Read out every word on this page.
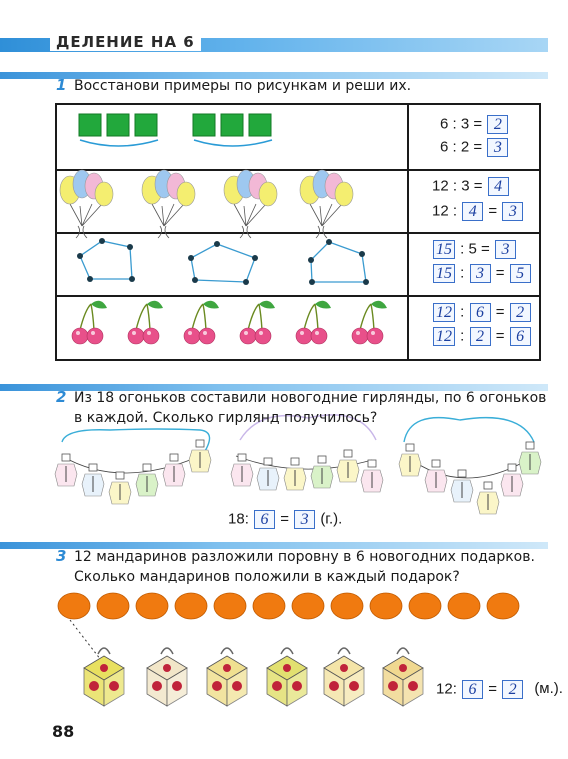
ДЕЛЕНИЕ НА 6
1 Восстанови примеры по рисункам и реши их.
6 : 3 = 2
6 : 2 = 3
12 : 3 = 4
12 : 4 = 3
15 : 5 = 3
15 : 3 = 5
12 : 6 = 2
12 : 2 = 6
2 Из 18 огоньков составили новогодние гирлянды, по 6 огоньков
в каждой. Сколько гирлянд получилось?
18: 6 = 3 (г.).
3 12 мандаринов разложили поровну в 6 новогодних подарков.
Сколько мандаринов положили в каждый подарок?
12: 6 = 2 (м.).
88
